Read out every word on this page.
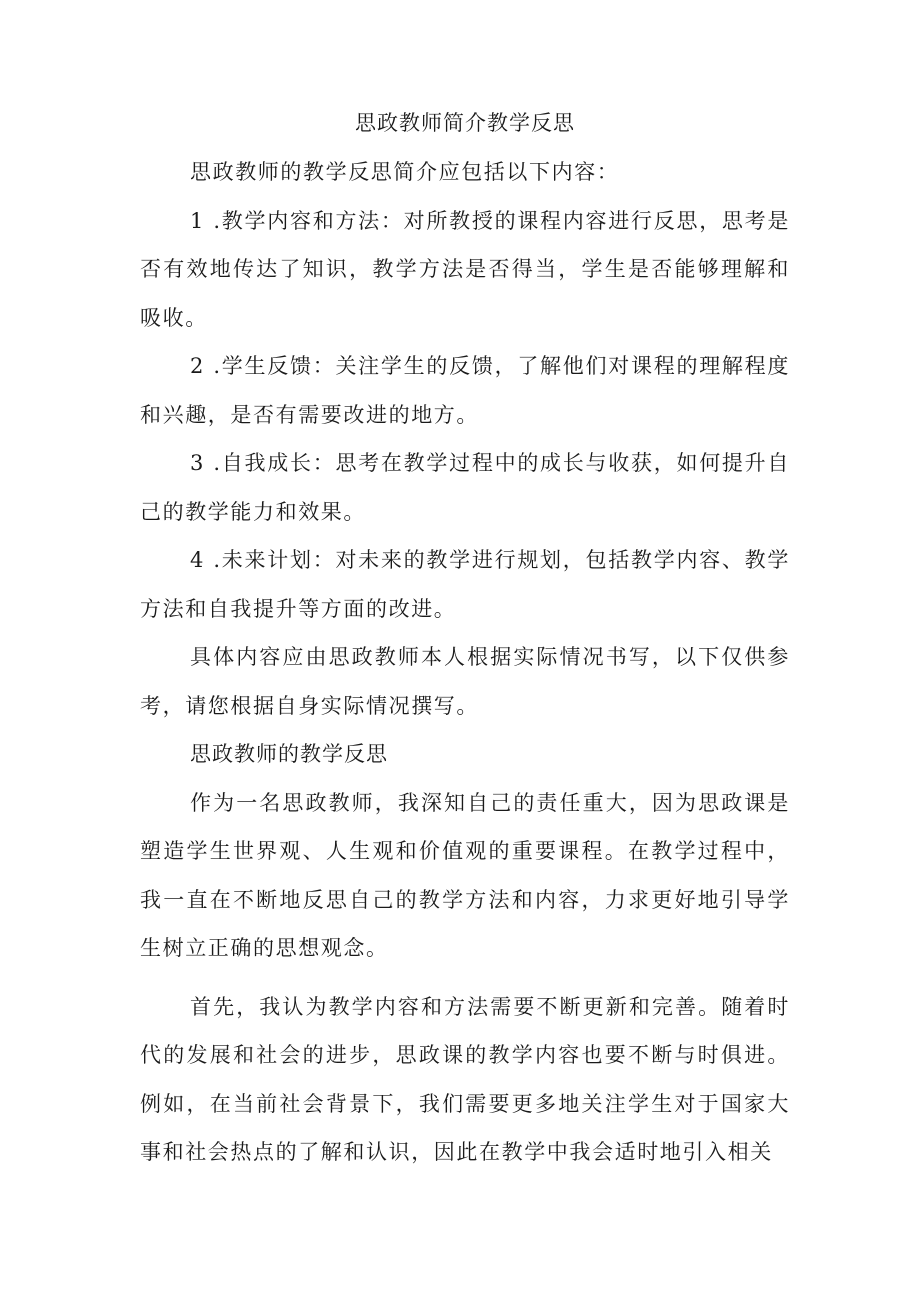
思政教师简介教学反思

思政教师的教学反思简介应包括以下内容：

1 .教学内容和方法：对所教授的课程内容进行反思，思考是否有效地传达了知识，教学方法是否得当，学生是否能够理解和吸收。

2 .学生反馈：关注学生的反馈，了解他们对课程的理解程度和兴趣，是否有需要改进的地方。

3 .自我成长：思考在教学过程中的成长与收获，如何提升自己的教学能力和效果。

4 .未来计划：对未来的教学进行规划，包括教学内容、教学方法和自我提升等方面的改进。

具体内容应由思政教师本人根据实际情况书写，以下仅供参考，请您根据自身实际情况撰写。

思政教师的教学反思

作为一名思政教师，我深知自己的责任重大，因为思政课是塑造学生世界观、人生观和价值观的重要课程。在教学过程中，我一直在不断地反思自己的教学方法和内容，力求更好地引导学生树立正确的思想观念。

首先，我认为教学内容和方法需要不断更新和完善。随着时代的发展和社会的进步，思政课的教学内容也要不断与时俱进。例如，在当前社会背景下，我们需要更多地关注学生对于国家大事和社会热点的了解和认识，因此在教学中我会适时地引入相关
